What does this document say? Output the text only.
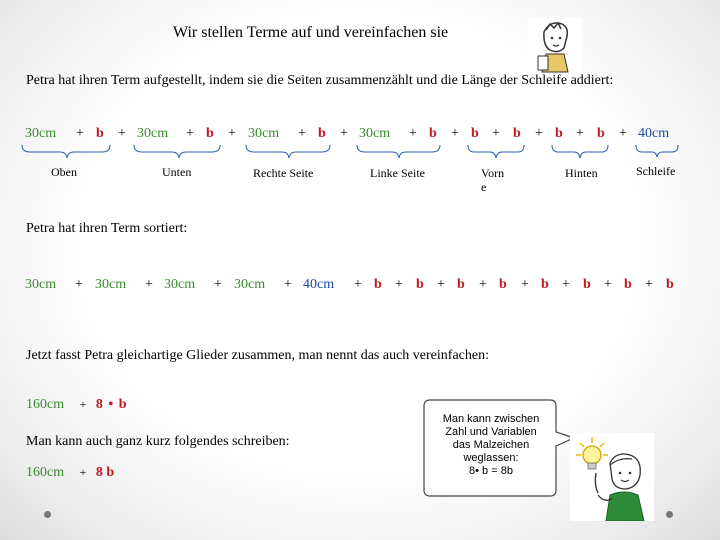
Wir stellen Terme auf und vereinfachen sie
Petra hat ihren Term aufgestellt, indem sie die Seiten zusammenzählt und die Länge der Schleife addiert:
30cm + b + 30cm + b + 30cm + b + 30cm + b + b + b + b + b + 40cm
Oben	Unten	Rechte Seite	Linke Seite	Vorn
e
Hinten	Schleife
Petra hat ihren Term sortiert:
30cm + 30cm + 30cm + 30cm + 40cm + b + b + b + b + b + b + b + b
Jetzt fasst Petra gleichartige Glieder zusammen, man nennt das auch vereinfachen:
160cm + 8 • b
Man kann auch ganz kurz folgendes schreiben:
160cm + 8 b
Man kann zwischen
Zahl und Variablen
das Malzeichen
weglassen:
8• b = 8b
